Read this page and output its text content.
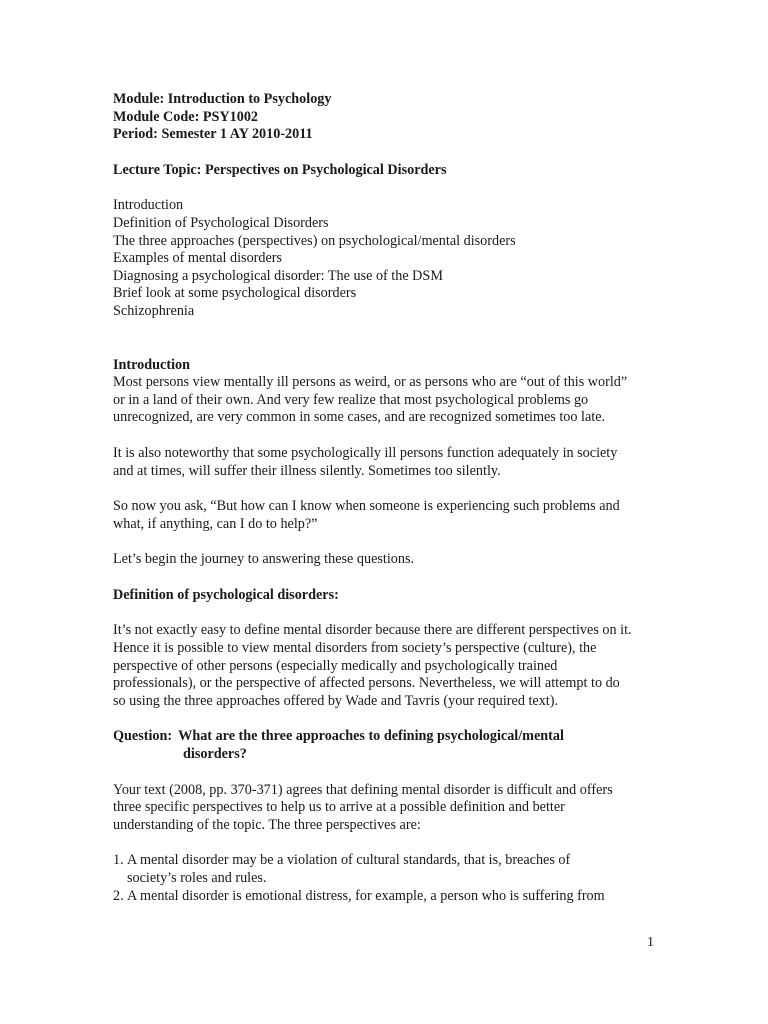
Module: Introduction to Psychology
Module Code: PSY1002
Period: Semester 1 AY 2010-2011
Lecture Topic: Perspectives on Psychological Disorders
Introduction
Definition of Psychological Disorders
The three approaches (perspectives) on psychological/mental disorders
Examples of mental disorders
Diagnosing a psychological disorder: The use of the DSM
Brief look at some psychological disorders
Schizophrenia
Introduction
Most persons view mentally ill persons as weird, or as persons who are “out of this world”
or in a land of their own. And very few realize that most psychological problems go
unrecognized, are very common in some cases, and are recognized sometimes too late.
It is also noteworthy that some psychologically ill persons function adequately in society
and at times, will suffer their illness silently. Sometimes too silently.
So now you ask, “But how can I know when someone is experiencing such problems and
what, if anything, can I do to help?”
Let’s begin the journey to answering these questions.
Definition of psychological disorders:
It’s not exactly easy to define mental disorder because there are different perspectives on it.
Hence it is possible to view mental disorders from society’s perspective (culture), the
perspective of other persons (especially medically and psychologically trained
professionals), or the perspective of affected persons. Nevertheless, we will attempt to do
so using the three approaches offered by Wade and Tavris (your required text).
Question: What are the three approaches to defining psychological/mental
disorders?
Your text (2008, pp. 370-371) agrees that defining mental disorder is difficult and offers
three specific perspectives to help us to arrive at a possible definition and better
understanding of the topic. The three perspectives are:
1. A mental disorder may be a violation of cultural standards, that is, breaches of
society’s roles and rules.
2. A mental disorder is emotional distress, for example, a person who is suffering from
1
